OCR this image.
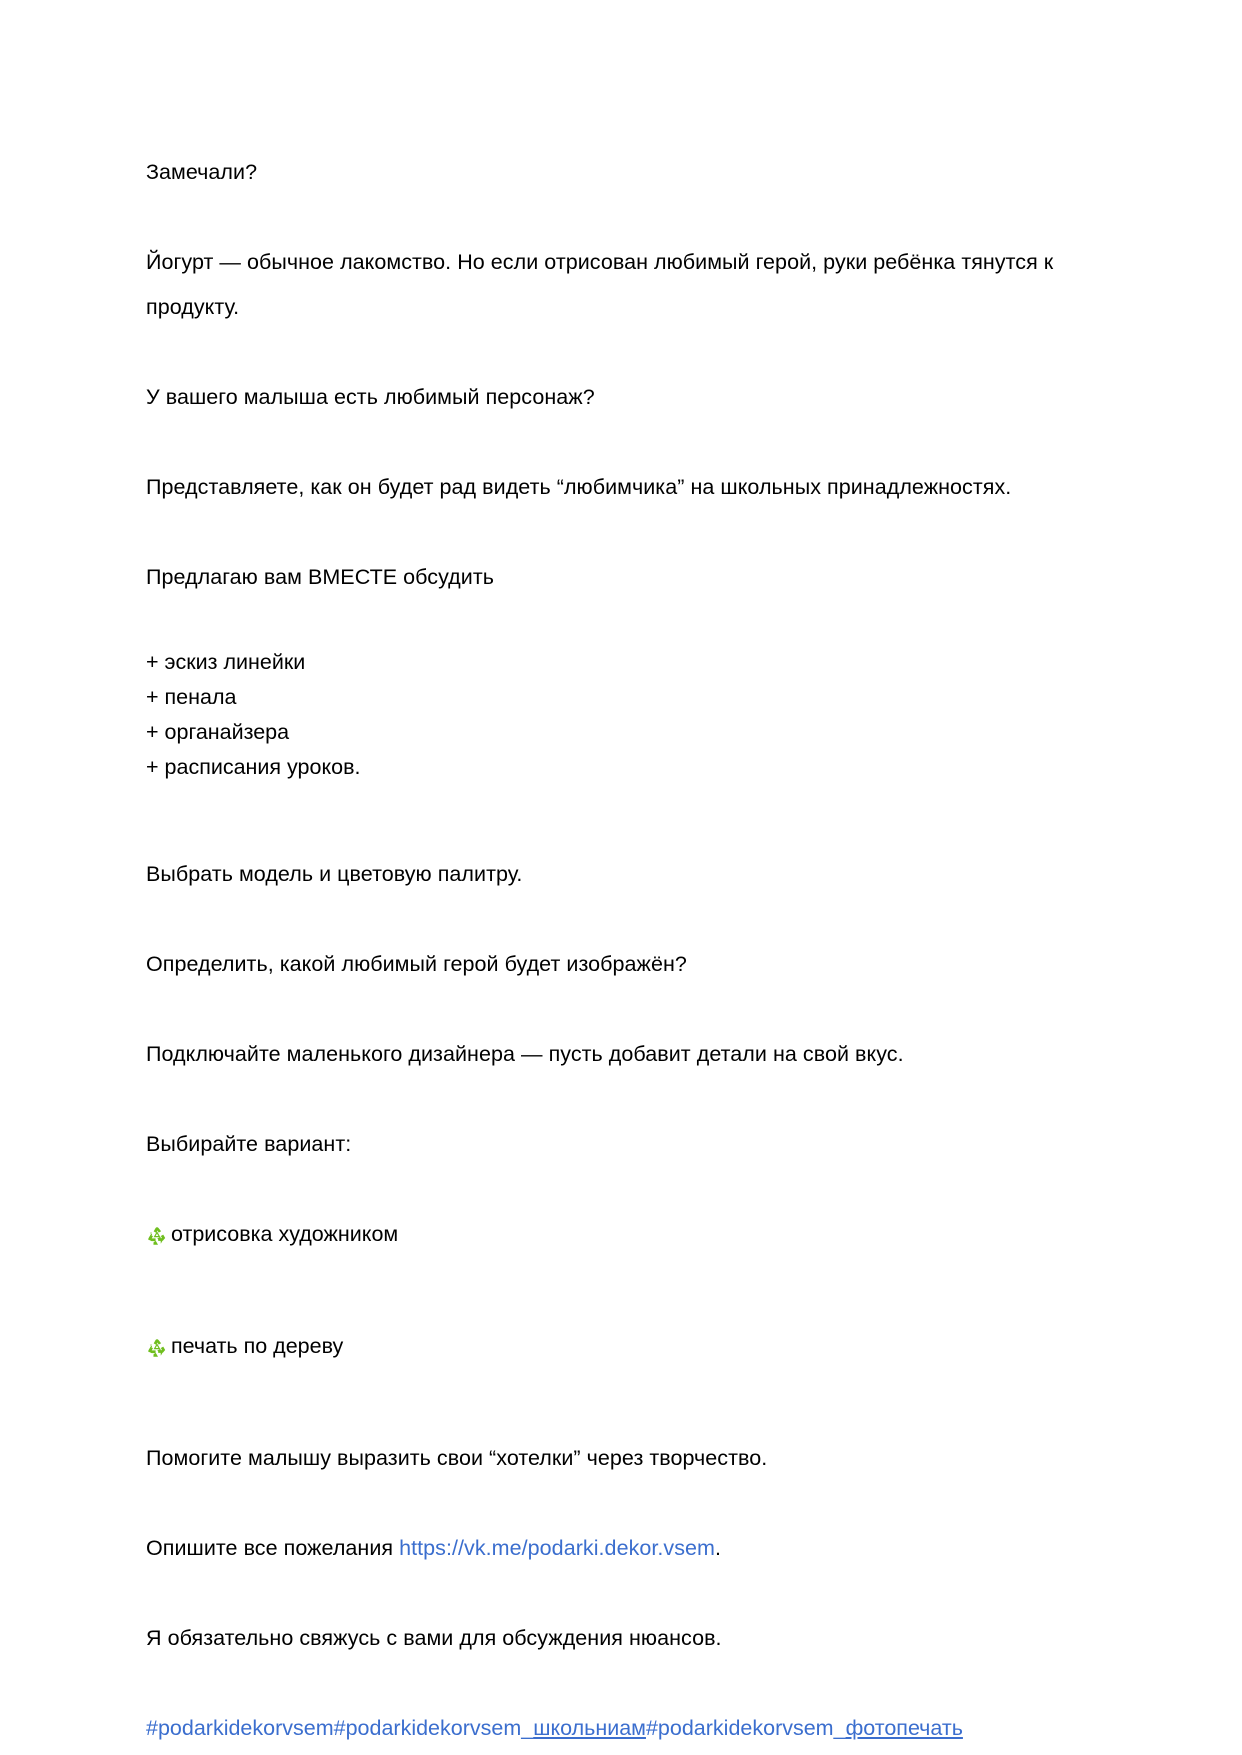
Замечали?

Йогурт — обычное лакомство. Но если отрисован любимый герой, руки ребёнка тянутся к продукту.

У вашего малыша есть любимый персонаж?

Представляете, как он будет рад видеть “любимчика” на школьных принадлежностях.

Предлагаю вам ВМЕСТЕ обсудить

+ эскиз линейки

+ пенала

+ органайзера

+ расписания уроков.

Выбрать модель и цветовую палитру.

Определить, какой любимый герой будет изображён?

Подключайте маленького дизайнера — пусть добавит детали на свой вкус.

Выбирайте вариант:

отрисовка художником
печать по дереву

Помогите малышу выразить свои “хотелки” через творчество.

Опишите все пожелания https://vk.me/podarki.dekor.vsem.

Я обязательно свяжусь с вами для обсуждения нюансов.

#podarkidekorvsem#podarkidekorvsem_школьниам#podarkidekorvsem_фотопечать
